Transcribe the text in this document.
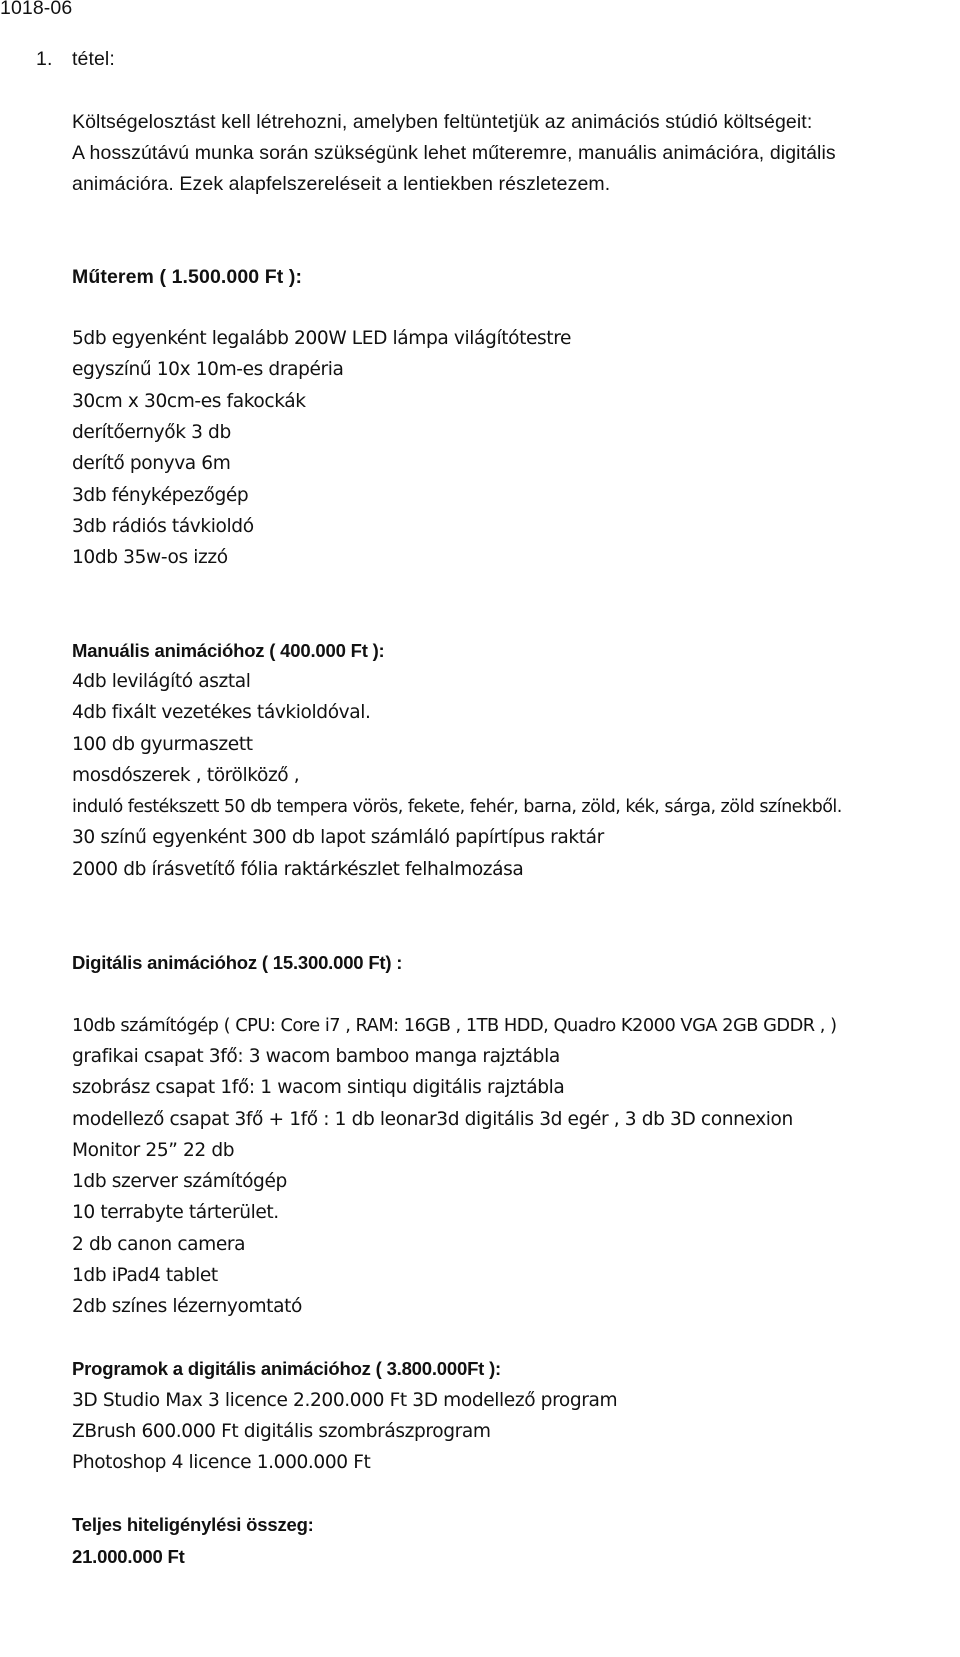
1018-06
1. tétel:
Költségelosztást kell létrehozni, amelyben feltüntetjük az animációs stúdió költségeit:
A hosszútávú munka során szükségünk lehet műteremre, manuális animációra, digitális
animációra. Ezek alapfelszereléseit a lentiekben részletezem.
Műterem ( 1.500.000 Ft ):
5db egyenként legalább 200W LED lámpa világítótestre
egyszínű 10x 10m-es drapéria
30cm x 30cm-es fakockák
derítőernyők 3 db
derítő ponyva 6m
3db fényképezőgép
3db rádiós távkioldó
10db 35w-os izzó
Manuális animációhoz ( 400.000 Ft ):
4db levilágító asztal
4db fixált vezetékes távkioldóval.
100 db gyurmaszett
mosdószerek , törölköző ,
induló festékszett 50 db tempera vörös, fekete, fehér, barna, zöld, kék, sárga, zöld színekből.
30 színű egyenként 300 db lapot számláló papírtípus raktár
2000 db írásvetítő fólia raktárkészlet felhalmozása
Digitális animációhoz ( 15.300.000 Ft) :
10db számítógép ( CPU: Core i7 , RAM: 16GB , 1TB HDD, Quadro K2000 VGA 2GB GDDR , )
grafikai csapat 3fő: 3 wacom bamboo manga rajztábla
szobrász csapat 1fő: 1 wacom sintiqu digitális rajztábla
modellező csapat 3fő + 1fő : 1 db leonar3d digitális 3d egér , 3 db 3D connexion
Monitor 25” 22 db
1db szerver számítógép
10 terrabyte tárterület.
2 db canon camera
1db iPad4 tablet
2db színes lézernyomtató
Programok a digitális animációhoz ( 3.800.000Ft ):
3D Studio Max 3 licence 2.200.000 Ft 3D modellező program
ZBrush 600.000 Ft digitális szombrászprogram
Photoshop 4 licence 1.000.000 Ft
Teljes hiteligénylési összeg:
21.000.000 Ft
